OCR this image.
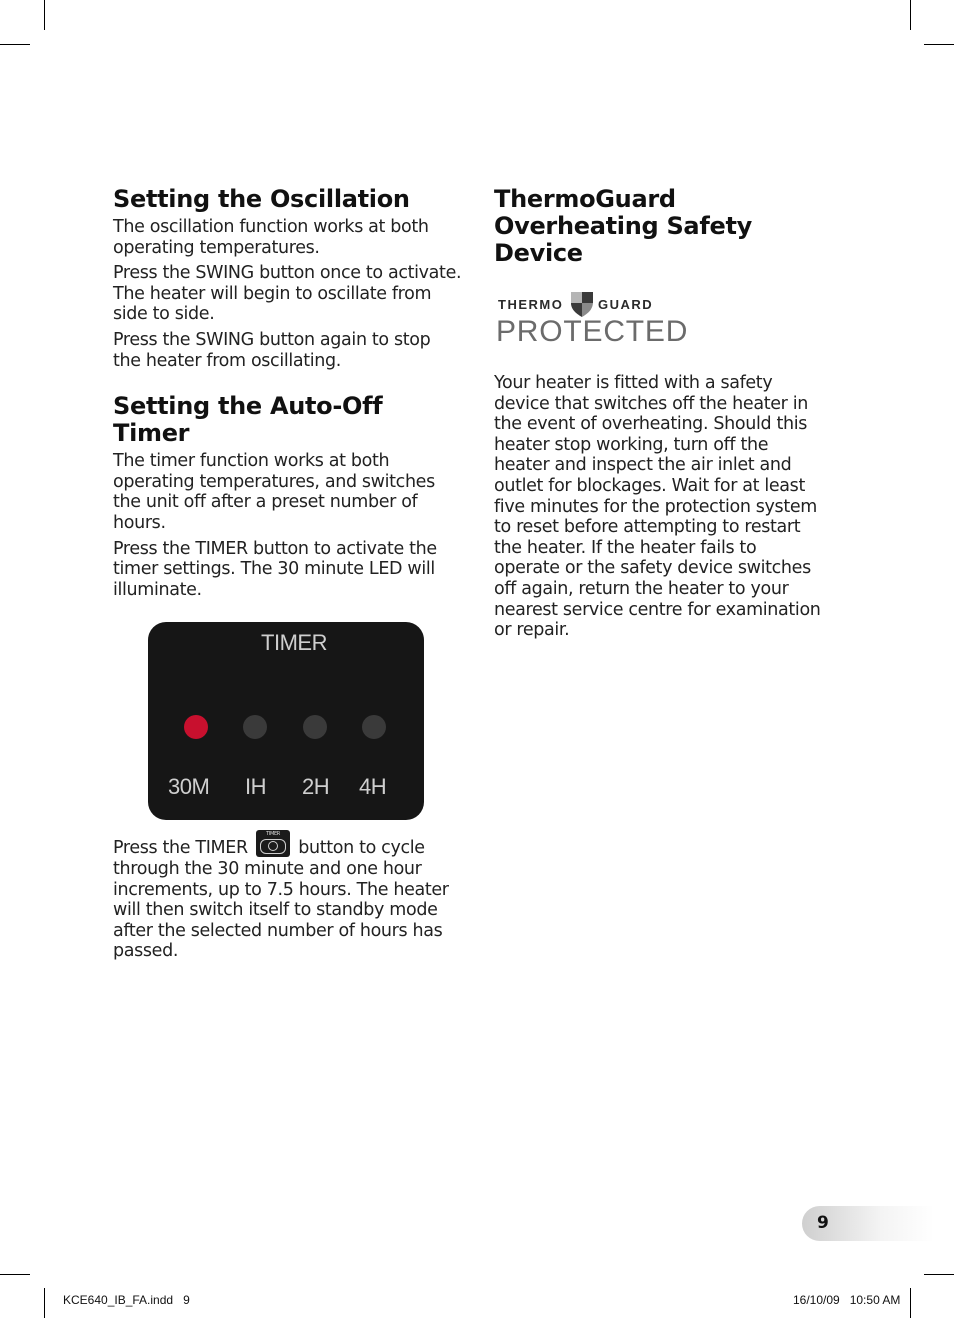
Setting the Oscillation

The oscillation function works at both operating temperatures.

Press the SWING button once to activate. The heater will begin to oscillate from side to side.

Press the SWING button again to stop the heater from oscillating.

Setting the Auto-Off Timer

The timer function works at both operating temperatures, and switches the unit off after a preset number of hours.

Press the TIMER button to activate the timer settings. The 30 minute LED will illuminate.

TIMER
30M IH 2H 4H

Press the TIMER
TIMER
button to cycle through the 30 minute and one hour increments, up to 7.5 hours. The heater will then switch itself to standby mode after the selected number of hours has passed.

ThermoGuard Overheating Safety Device
THERMO	GUARD
PROTECTED

Your heater is fitted with a safety device that switches off the heater in the event of overheating. Should this heater stop working, turn off the heater and inspect the air inlet and outlet for blockages. Wait for at least five minutes for the protection system to reset before attempting to restart the heater. If the heater fails to operate or the safety device switches off again, return the heater to your nearest service centre for examination or repair.

9
KCE640_IB_FA.indd   9	16/10/09   10:50 AM
